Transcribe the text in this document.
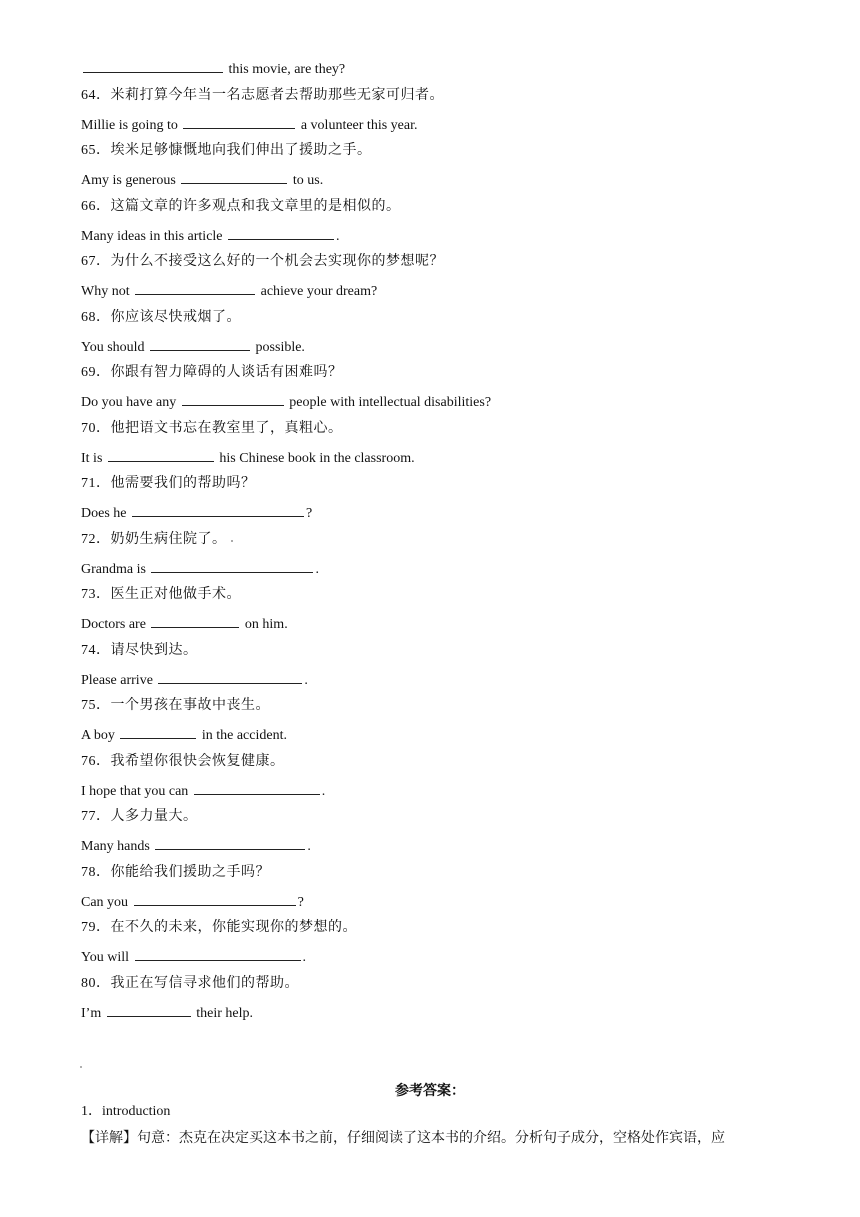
this movie, are they?
64．米莉打算今年当一名志愿者去帮助那些无家可归者。
Millie is going to	a volunteer this year.
65．埃米足够慷慨地向我们伸出了援助之手。
Amy is generous	to us.
66．这篇文章的许多观点和我文章里的是相似的。
Many ideas in this article	.
67．为什么不接受这么好的一个机会去实现你的梦想呢？
Why not	achieve your dream?
68．你应该尽快戒烟了。
You should	possible.
69．你跟有智力障碍的人谈话有困难吗？
Do you have any	people with intellectual disabilities?
70．他把语文书忘在教室里了，真粗心。
It is	his Chinese book in the classroom.
71．他需要我们的帮助吗？
Does he	?
72．奶奶生病住院了。
Grandma is	.
73．医生正对他做手术。
Doctors are	on him.
74．请尽快到达。
Please arrive	.
75．一个男孩在事故中丧生。
A boy	in the accident.
76．我希望你很快会恢复健康。
I hope that you can	.
77．人多力量大。
Many hands	.
78．你能给我们援助之手吗？
Can you	?
79．在不久的未来，你能实现你的梦想的。
You will	.
80．我正在写信寻求他们的帮助。
I’m	their help.
参考答案：
1．introduction
【详解】句意：杰克在决定买这本书之前，仔细阅读了这本书的介绍。分析句子成分，空格处作宾语，应
